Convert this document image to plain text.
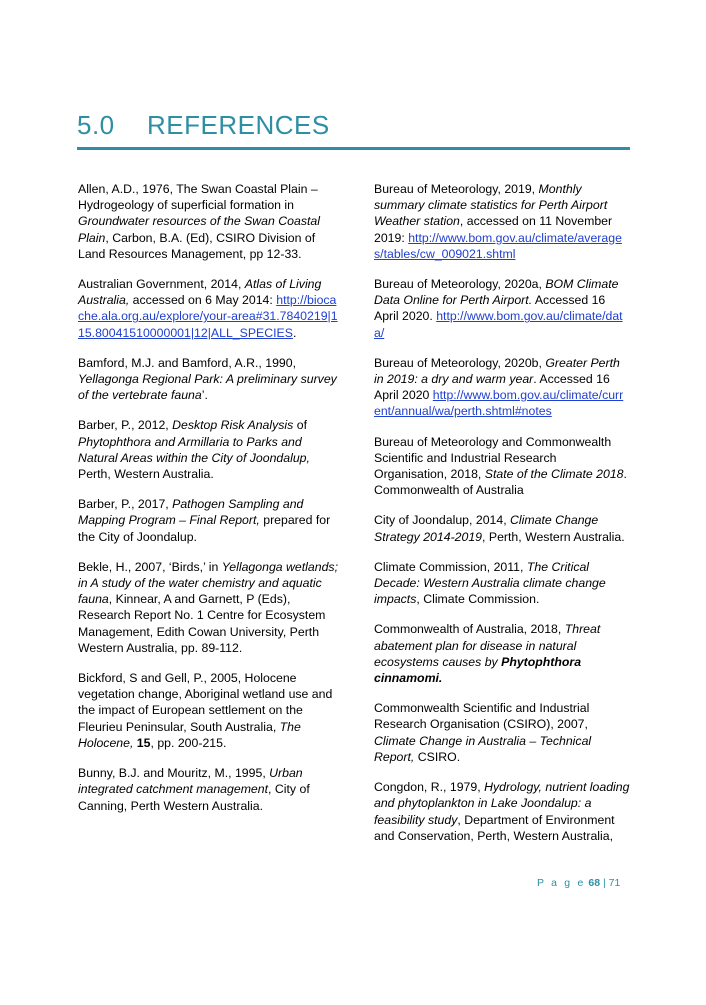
5.0 REFERENCES

Allen, A.D., 1976, The Swan Coastal Plain – Hydrogeology of superficial formation in Groundwater resources of the Swan Coastal Plain, Carbon, B.A. (Ed), CSIRO Division of Land Resources Management, pp 12-33.

Australian Government, 2014, Atlas of Living Australia, accessed on 6 May 2014: http://biocache.ala.org.au/explore/your-area#31.7840219|115.80041510000001|12|ALL_SPECIES.

Bamford, M.J. and Bamford, A.R., 1990, Yellagonga Regional Park: A preliminary survey of the vertebrate fauna’.

Barber, P., 2012, Desktop Risk Analysis of Phytophthora and Armillaria to Parks and Natural Areas within the City of Joondalup, Perth, Western Australia.

Barber, P., 2017, Pathogen Sampling and Mapping Program – Final Report, prepared for the City of Joondalup.

Bekle, H., 2007, ‘Birds,’ in Yellagonga wetlands; in A study of the water chemistry and aquatic fauna, Kinnear, A and Garnett, P (Eds), Research Report No. 1 Centre for Ecosystem Management, Edith Cowan University, Perth Western Australia, pp. 89-112.

Bickford, S and Gell, P., 2005, Holocene vegetation change, Aboriginal wetland use and the impact of European settlement on the Fleurieu Peninsular, South Australia, The Holocene, 15, pp. 200-215.

Bunny, B.J. and Mouritz, M., 1995, Urban integrated catchment management, City of Canning, Perth Western Australia.

Bureau of Meteorology, 2019, Monthly summary climate statistics for Perth Airport Weather station, accessed on 11 November 2019: http://www.bom.gov.au/climate/averages/tables/cw_009021.shtml

Bureau of Meteorology, 2020a, BOM Climate Data Online for Perth Airport. Accessed 16 April 2020. http://www.bom.gov.au/climate/data/

Bureau of Meteorology, 2020b, Greater Perth in 2019: a dry and warm year. Accessed 16 April 2020 http://www.bom.gov.au/climate/current/annual/wa/perth.shtml#notes

Bureau of Meteorology and Commonwealth Scientific and Industrial Research Organisation, 2018, State of the Climate 2018. Commonwealth of Australia

City of Joondalup, 2014, Climate Change Strategy 2014-2019, Perth, Western Australia.

Climate Commission, 2011, The Critical Decade: Western Australia climate change impacts, Climate Commission.

Commonwealth of Australia, 2018, Threat abatement plan for disease in natural ecosystems causes by Phytophthora cinnamomi.

Commonwealth Scientific and Industrial Research Organisation (CSIRO), 2007, Climate Change in Australia – Technical Report, CSIRO.

Congdon, R., 1979, Hydrology, nutrient loading and phytoplankton in Lake Joondalup: a feasibility study, Department of Environment and Conservation, Perth, Western Australia,

P a g e 68 | 71
